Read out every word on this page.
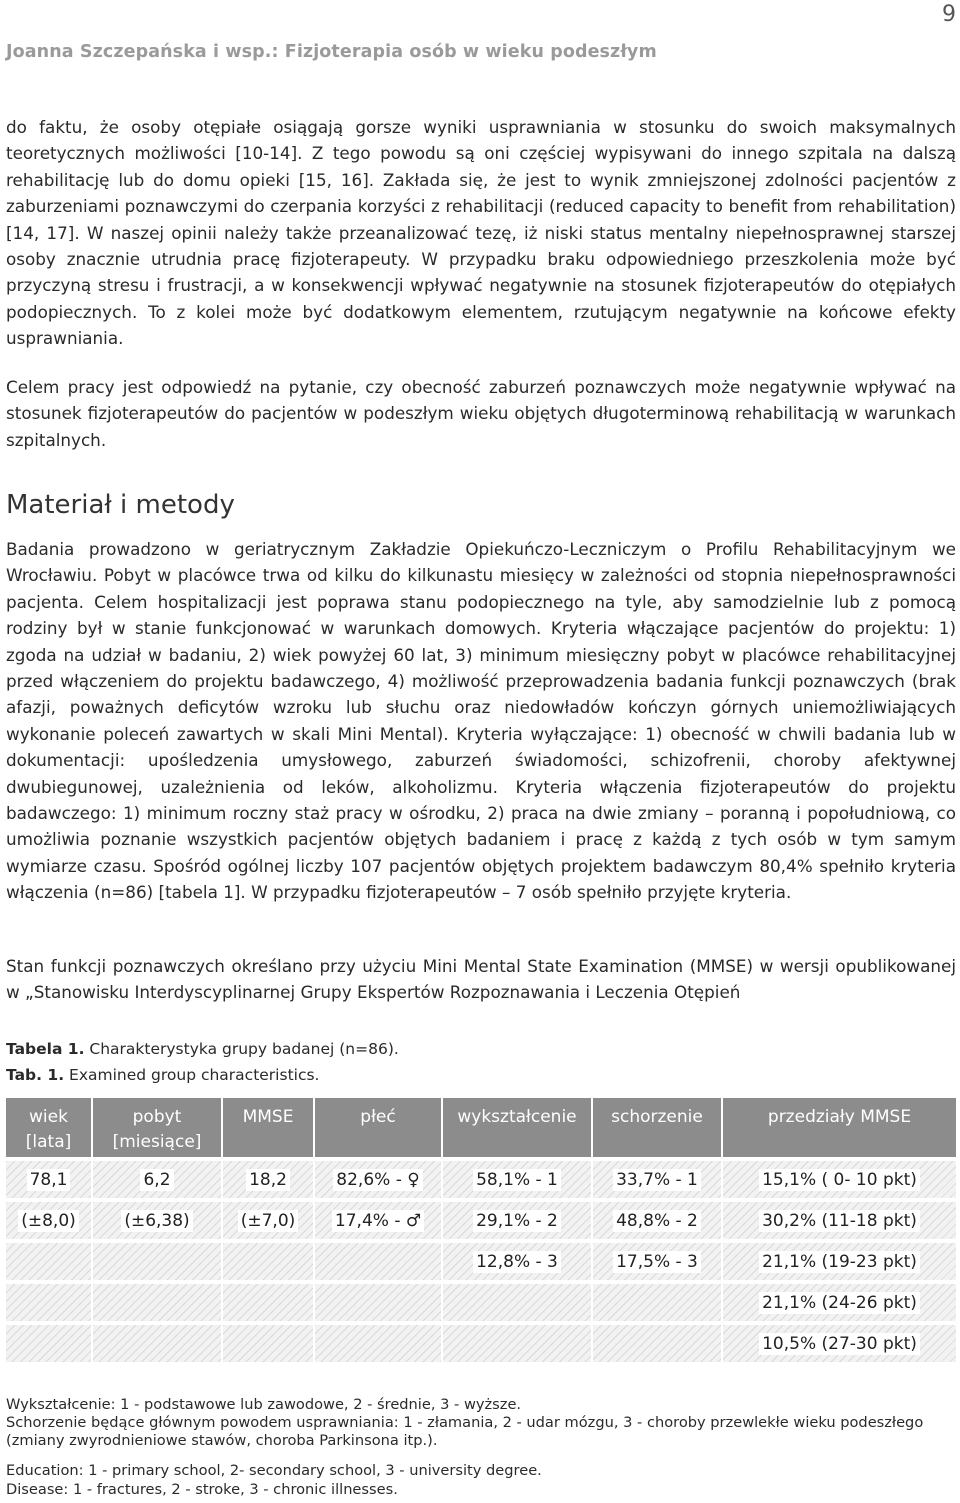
9
Joanna Szczepańska i wsp.: Fizjoterapia osób w wieku podeszłym

do faktu, że osoby otępiałe osiągają gorsze wyniki usprawniania w stosunku do swoich maksymalnych teoretycznych możliwości [10-14]. Z tego powodu są oni częściej wypisywani do innego szpitala na dalszą rehabilitację lub do domu opieki [15, 16]. Zakłada się, że jest to wynik zmniejszonej zdolności pacjentów z zaburzeniami poznawczymi do czerpania korzyści z rehabilitacji (reduced capacity to benefit from rehabilitation) [14, 17]. W naszej opinii należy także przeanalizować tezę, iż niski status mentalny niepełnosprawnej starszej osoby znacznie utrudnia pracę fizjoterapeuty. W przypadku braku odpowiedniego przeszkolenia może być przyczyną stresu i frustracji, a w konsekwencji wpływać negatywnie na stosunek fizjoterapeutów do otępiałych podopiecznych. To z kolei może być dodatkowym elementem, rzutującym negatywnie na końcowe efekty usprawniania.

Celem pracy jest odpowiedź na pytanie, czy obecność zaburzeń poznawczych może negatywnie wpływać na stosunek fizjoterapeutów do pacjentów w podeszłym wieku objętych długoterminową rehabilitacją w warunkach szpitalnych.

Materiał i metody

Badania prowadzono w geriatrycznym Zakładzie Opiekuńczo-Leczniczym o Profilu Rehabilitacyjnym we Wrocławiu. Pobyt w placówce trwa od kilku do kilkunastu miesięcy w zależności od stopnia niepełnosprawności pacjenta. Celem hospitalizacji jest poprawa stanu podopiecznego na tyle, aby samodzielnie lub z pomocą rodziny był w stanie funkcjonować w warunkach domowych. Kryteria włączające pacjentów do projektu: 1) zgoda na udział w badaniu, 2) wiek powyżej 60 lat, 3) minimum miesięczny pobyt w placówce rehabilitacyjnej przed włączeniem do projektu badawczego, 4) możliwość przeprowadzenia badania funkcji poznawczych (brak afazji, poważnych deficytów wzroku lub słuchu oraz niedowładów kończyn górnych uniemożliwiających wykonanie poleceń zawartych w skali Mini Mental). Kryteria wyłączające: 1) obecność w chwili badania lub w dokumentacji: upośledzenia umysłowego, zaburzeń świadomości, schizofrenii, choroby afektywnej dwubiegunowej, uzależnienia od leków, alkoholizmu. Kryteria włączenia fizjoterapeutów do projektu badawczego: 1) minimum roczny staż pracy w ośrodku, 2) praca na dwie zmiany – poranną i popołudniową, co umożliwia poznanie wszystkich pacjentów objętych badaniem i pracę z każdą z tych osób w tym samym wymiarze czasu. Spośród ogólnej liczby 107 pacjentów objętych projektem badawczym 80,4% spełniło kryteria włączenia (n=86) [tabela 1]. W przypadku fizjoterapeutów – 7 osób spełniło przyjęte kryteria.

Stan funkcji poznawczych określano przy użyciu Mini Mental State Examination (MMSE) w wersji opublikowanej w „Stanowisku Interdyscyplinarnej Grupy Ekspertów Rozpoznawania i Leczenia Otępień

Tabela 1. Charakterystyka grupy badanej (n=86).
Tab. 1. Examined group characteristics.
wiek [lata]	pobyt [miesiące]	MMSE	płeć	wykształcenie	schorzenie	przedziały MMSE
78,1	6,2	18,2	82,6% - ♀	58,1% - 1	33,7% - 1	15,1% ( 0- 10 pkt)
(±8,0)	(±6,38)	(±7,0)	17,4% - ♂	29,1% - 2	48,8% - 2	30,2% (11-18 pkt)
				12,8% - 3	17,5% - 3	21,1% (19-23 pkt)
						21,1% (24-26 pkt)
						10,5% (27-30 pkt)

Wykształcenie: 1 - podstawowe lub zawodowe, 2 - średnie, 3 - wyższe.

Schorzenie będące głównym powodem usprawniania: 1 - złamania, 2 - udar mózgu, 3 - choroby przewlekłe wieku podeszłego (zmiany zwyrodnieniowe stawów, choroba Parkinsona itp.).

Education: 1 - primary school, 2- secondary school, 3 - university degree.

Disease: 1 - fractures, 2 - stroke, 3 - chronic illnesses.
